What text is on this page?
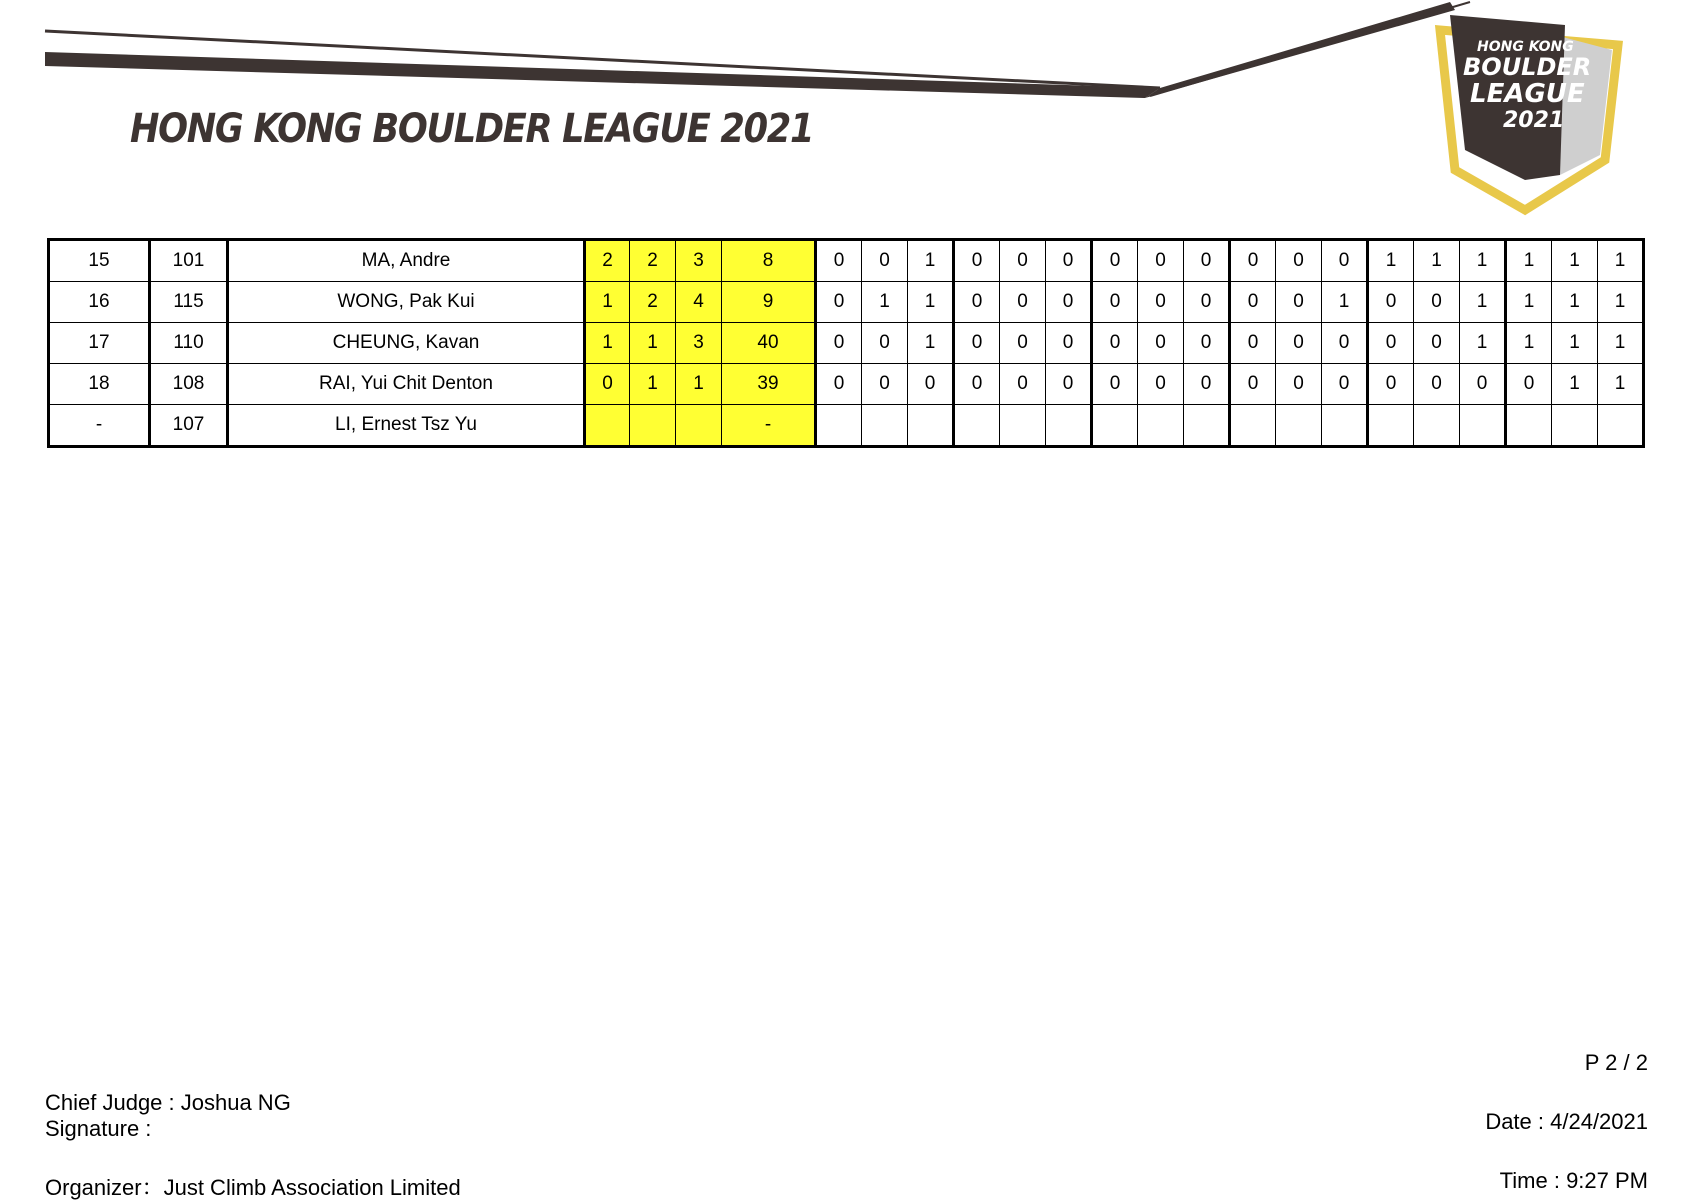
HONG KONG
BOULDER
LEAGUE
2021
HONG KONG BOULDER LEAGUE 2021
15	101	MA, Andre	2	2	3	8	0	0	1	0	0	0	0	0	0	0	0	0	1	1	1	1	1	1
16	115	WONG, Pak Kui	1	2	4	9	0	1	1	0	0	0	0	0	0	0	0	1	0	0	1	1	1	1
17	110	CHEUNG, Kavan	1	1	3	40	0	0	1	0	0	0	0	0	0	0	0	0	0	0	1	1	1	1
18	108	RAI, Yui Chit Denton	0	1	1	39	0	0	0	0	0	0	0	0	0	0	0	0	0	0	0	0	1	1
-	107	LI, Ernest Tsz Yu				-																		
Chief Judge : Joshua NG
Signature :
Organizer：Just Climb Association Limited
P 2 / 2
Date : 4/24/2021
Time : 9:27 PM
